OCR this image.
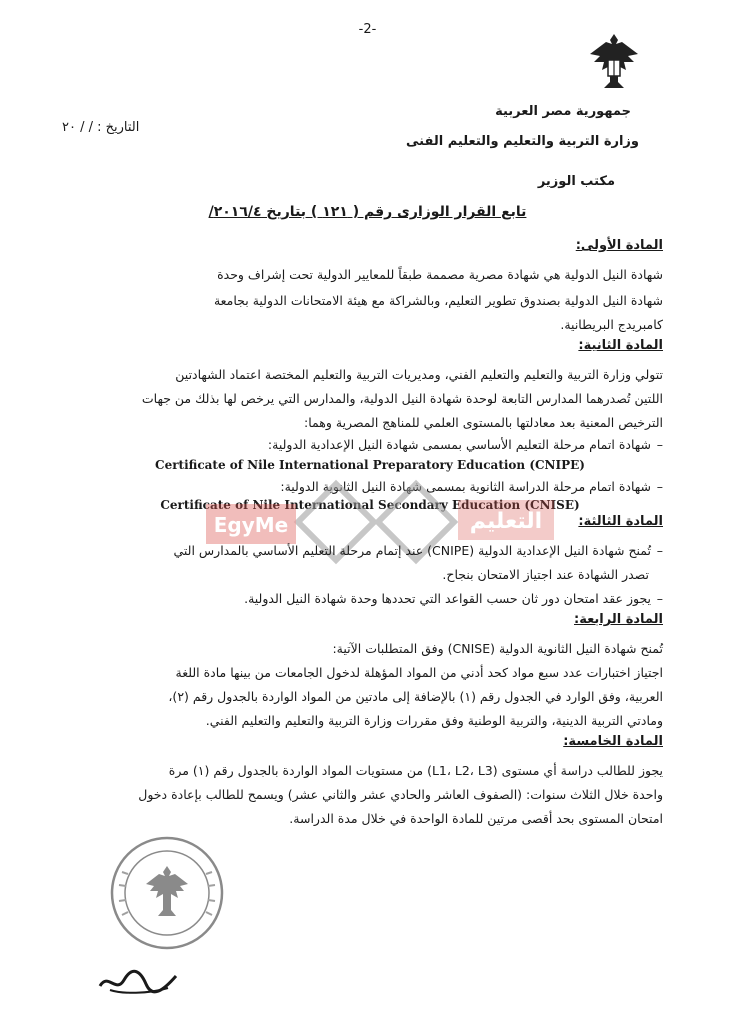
-2-
جمهورية مصر العربية
وزارة التربية والتعليم والتعليم الفنى
مكتب الوزير
التاريخ : / / ٢٠
تابع القرار الوزارى رقم ( ١٢١ ) بتاريخ ٢٠١٦/٤/
المادة الأولى:
شهادة النيل الدولية هي شهادة مصرية مصممة طبقاً للمعايير الدولية تحت إشراف وحدة
شهادة النيل الدولية بصندوق تطوير التعليم، وبالشراكة مع هيئة الامتحانات الدولية بجامعة
كامبريدج البريطانية.
المادة الثانية:
تتولي وزارة التربية والتعليم والتعليم الفني، ومديريات التربية والتعليم المختصة اعتماد الشهادتين
اللتين تُصدرهما المدارس التابعة لوحدة شهادة النيل الدولية، والمدارس التي يرخص لها بذلك من جهات
الترخيص المعنية بعد معادلتها بالمستوى العلمي للمناهج المصرية وهما:
–شهادة اتمام مرحلة التعليم الأساسي بمسمى شهادة النيل الإعدادية الدولية:
Certificate of Nile International Preparatory Education (CNIPE)
–شهادة اتمام مرحلة الدراسة الثانوية بمسمى شهادة النيل الثانوية الدولية:
Certificate of Nile International Secondary Education (CNISE)
EgyMe	التعليم	المادة الثالثة:
–تُمنح شهادة النيل الإعدادية الدولية (CNIPE) عند إتمام مرحلة التعليم الأساسي بالمدارس التي
تصدر الشهادة عند اجتياز الامتحان بنجاح.
–يجوز عقد امتحان دور ثان حسب القواعد التي تحددها وحدة شهادة النيل الدولية.
المادة الرابعة:
تُمنح شهادة النيل الثانوية الدولية (CNISE) وفق المتطلبات الآتية:
اجتياز اختبارات عدد سبع مواد كحد أدني من المواد المؤهلة لدخول الجامعات من بينها مادة اللغة
العربية، وفق الوارد في الجدول رقم (١) بالإضافة إلى مادتين من المواد الواردة بالجدول رقم (٢)،
ومادتي التربية الدينية، والتربية الوطنية وفق مقررات وزارة التربية والتعليم والتعليم الفني.
المادة الخامسة:
يجوز للطالب دراسة أي مستوى (L1، L2، L3) من مستويات المواد الواردة بالجدول رقم (١) مرة
واحدة خلال الثلاث سنوات: (الصفوف العاشر والحادي عشر والثاني عشر) ويسمح للطالب بإعادة دخول
امتحان المستوى بحد أقصى مرتين للمادة الواحدة في خلال مدة الدراسة.
